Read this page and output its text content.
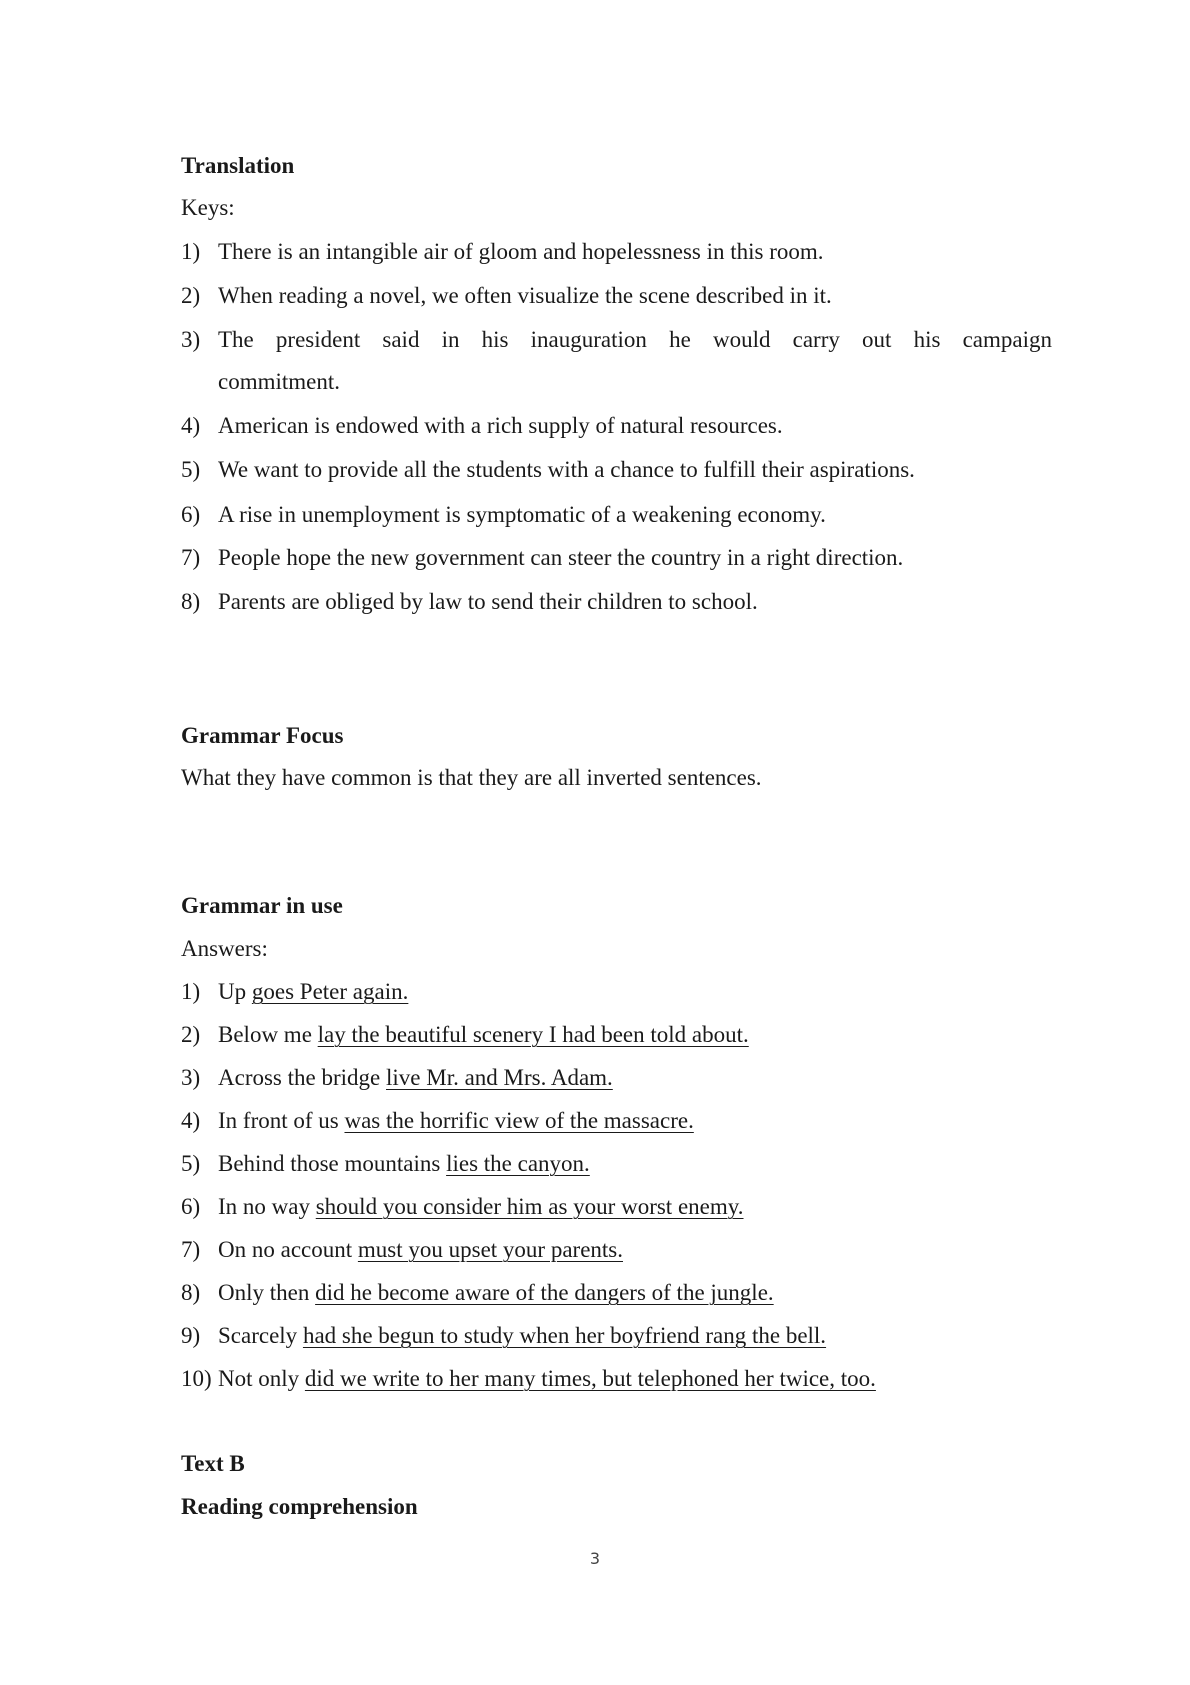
Translation
Keys:
1) There is an intangible air of gloom and hopelessness in this room.
2) When reading a novel, we often visualize the scene described in it.
3) The president said in his inauguration he would carry out his campaign
commitment.
4) American is endowed with a rich supply of natural resources.
5) We want to provide all the students with a chance to fulfill their aspirations.
6) A rise in unemployment is symptomatic of a weakening economy.
7) People hope the new government can steer the country in a right direction.
8) Parents are obliged by law to send their children to school.
Grammar Focus
What they have common is that they are all inverted sentences.
Grammar in use
Answers:
1) Up goes Peter again.
2) Below me lay the beautiful scenery I had been told about.
3) Across the bridge live Mr. and Mrs. Adam.
4) In front of us was the horrific view of the massacre.
5) Behind those mountains lies the canyon.
6) In no way should you consider him as your worst enemy.
7) On no account must you upset your parents.
8) Only then did he become aware of the dangers of the jungle.
9) Scarcely had she begun to study when her boyfriend rang the bell.
10) Not only did we write to her many times, but telephoned her twice, too.
Text B
Reading comprehension
3
